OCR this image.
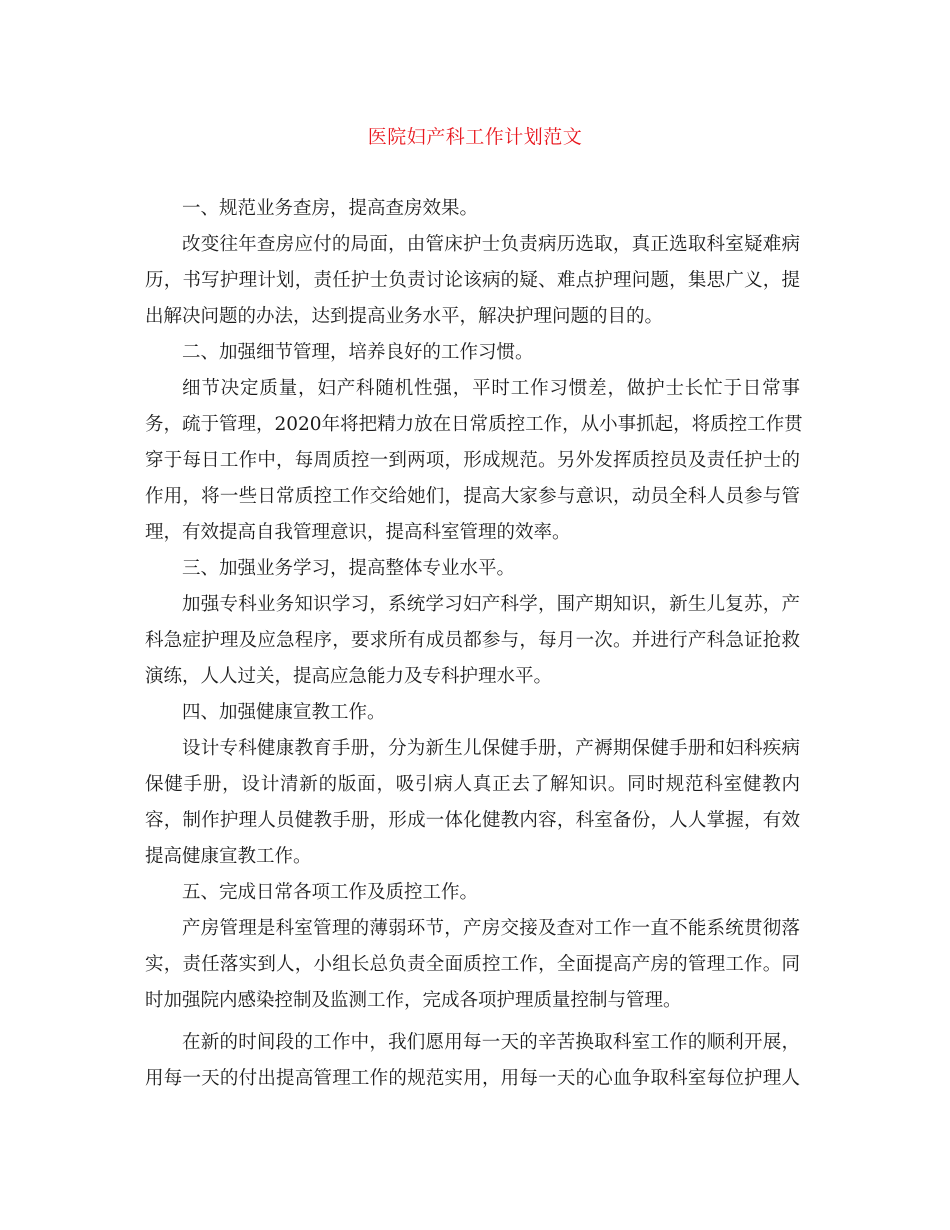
医院妇产科工作计划范文
一、规范业务查房，提高查房效果。
改变往年查房应付的局面，由管床护士负责病历选取，真正选取科室疑难病
历，书写护理计划，责任护士负责讨论该病的疑、难点护理问题，集思广义，提
出解决问题的办法，达到提高业务水平，解决护理问题的目的。
二、加强细节管理，培养良好的工作习惯。
细节决定质量，妇产科随机性强，平时工作习惯差，做护士长忙于日常事
务，疏于管理，2020年将把精力放在日常质控工作，从小事抓起，将质控工作贯
穿于每日工作中，每周质控一到两项，形成规范。另外发挥质控员及责任护士的
作用，将一些日常质控工作交给她们，提高大家参与意识，动员全科人员参与管
理，有效提高自我管理意识，提高科室管理的效率。
三、加强业务学习，提高整体专业水平。
加强专科业务知识学习，系统学习妇产科学，围产期知识，新生儿复苏，产
科急症护理及应急程序，要求所有成员都参与，每月一次。并进行产科急证抢救
演练，人人过关，提高应急能力及专科护理水平。
四、加强健康宣教工作。
设计专科健康教育手册，分为新生儿保健手册，产褥期保健手册和妇科疾病
保健手册，设计清新的版面，吸引病人真正去了解知识。同时规范科室健教内
容，制作护理人员健教手册，形成一体化健教内容，科室备份，人人掌握，有效
提高健康宣教工作。
五、完成日常各项工作及质控工作。
产房管理是科室管理的薄弱环节，产房交接及查对工作一直不能系统贯彻落
实，责任落实到人，小组长总负责全面质控工作，全面提高产房的管理工作。同
时加强院内感染控制及监测工作，完成各项护理质量控制与管理。
在新的时间段的工作中，我们愿用每一天的辛苦换取科室工作的顺利开展，
用每一天的付出提高管理工作的规范实用，用每一天的心血争取科室每位护理人
